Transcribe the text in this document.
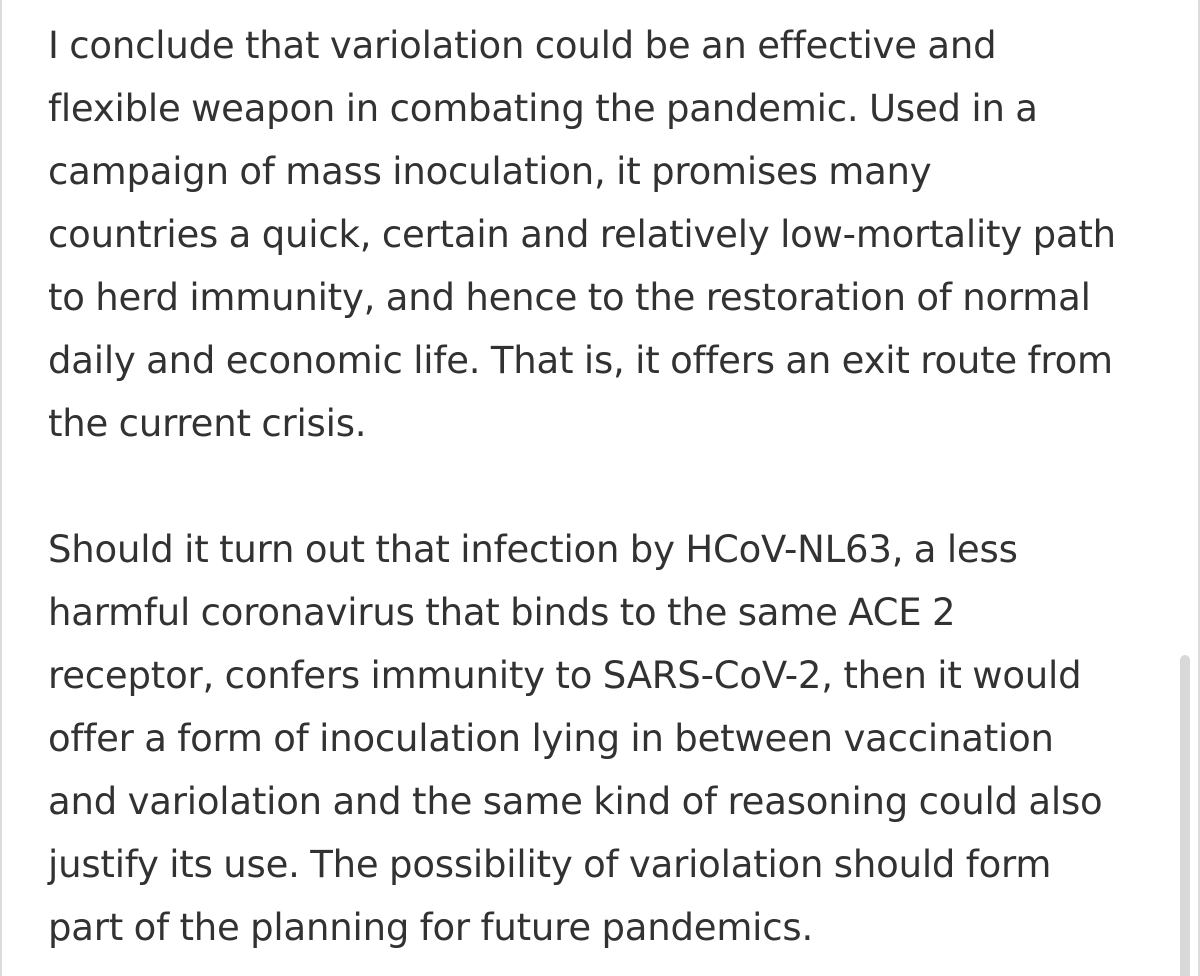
I conclude that variolation could be an effective and
flexible weapon in combating the pandemic. Used in a
campaign of mass inoculation, it promises many
countries a quick, certain and relatively low-mortality path
to herd immunity, and hence to the restoration of normal
daily and economic life. That is, it offers an exit route from
the current crisis.

Should it turn out that infection by HCoV-NL63, a less
harmful coronavirus that binds to the same ACE 2
receptor, confers immunity to SARS-CoV-2, then it would
offer a form of inoculation lying in between vaccination
and variolation and the same kind of reasoning could also
justify its use. The possibility of variolation should form
part of the planning for future pandemics.
